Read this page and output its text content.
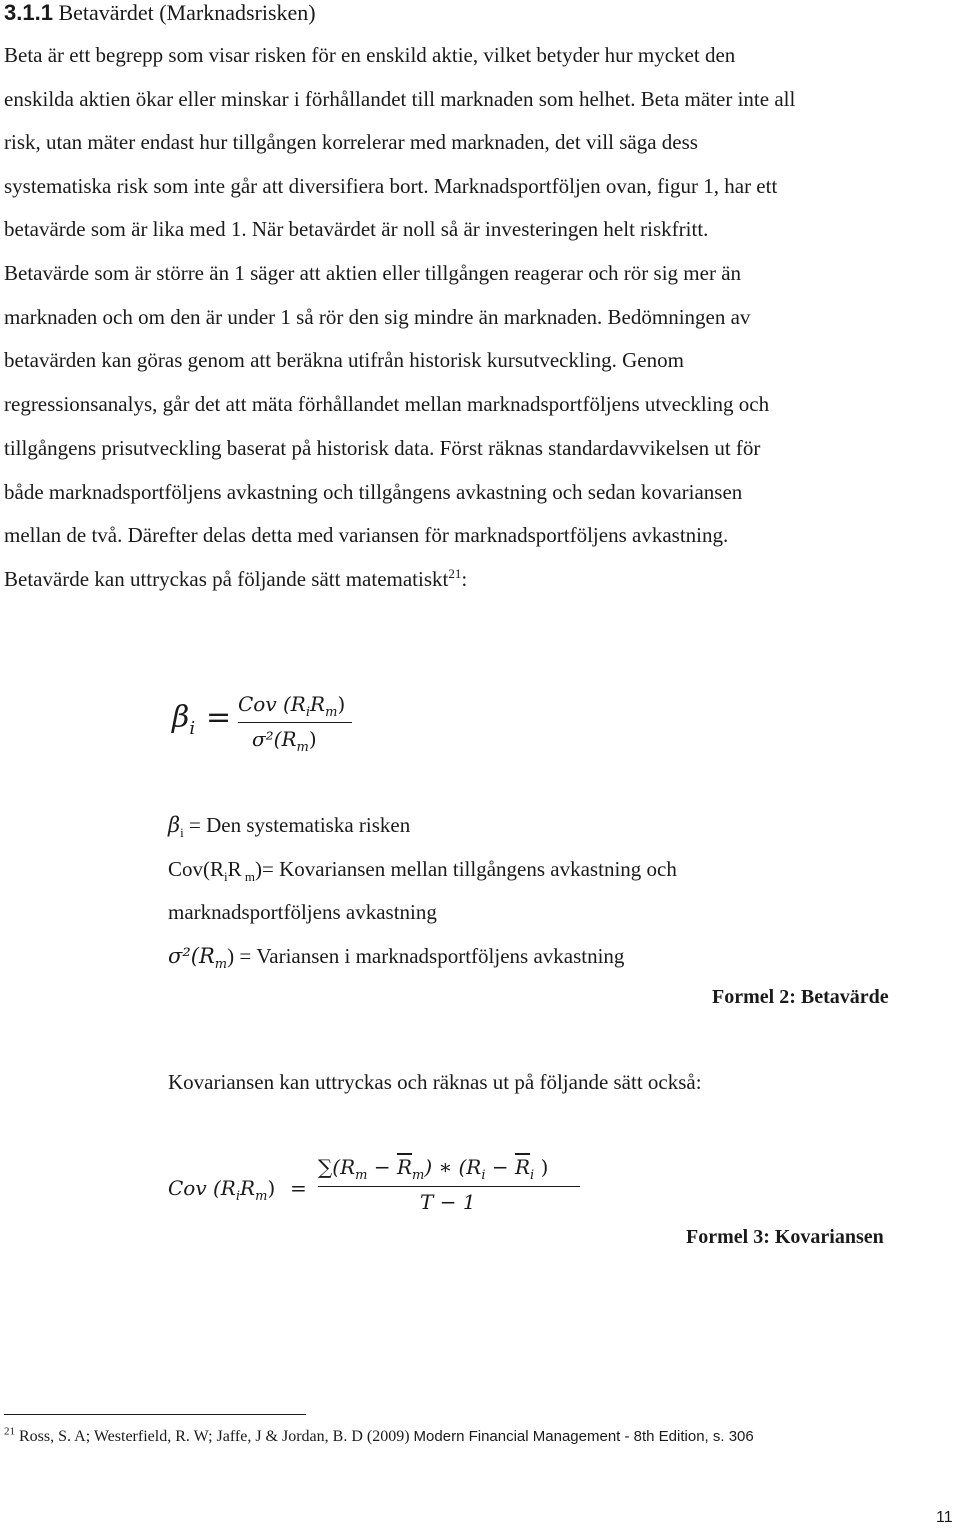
3.1.1 Betavärdet (Marknadsrisken)
Beta är ett begrepp som visar risken för en enskild aktie, vilket betyder hur mycket den
enskilda aktien ökar eller minskar i förhållandet till marknaden som helhet. Beta mäter inte all
risk, utan mäter endast hur tillgången korrelerar med marknaden, det vill säga dess
systematiska risk som inte går att diversifiera bort. Marknadsportföljen ovan, figur 1, har ett
betavärde som är lika med 1. När betavärdet är noll så är investeringen helt riskfritt.
Betavärde som är större än 1 säger att aktien eller tillgången reagerar och rör sig mer än
marknaden och om den är under 1 så rör den sig mindre än marknaden. Bedömningen av
betavärden kan göras genom att beräkna utifrån historisk kursutveckling. Genom
regressionsanalys, går det att mäta förhållandet mellan marknadsportföljens utveckling och
tillgångens prisutveckling baserat på historisk data. Först räknas standardavvikelsen ut för
både marknadsportföljens avkastning och tillgångens avkastning och sedan kovariansen
mellan de två. Därefter delas detta med variansen för marknadsportföljens avkastning.
Betavärde kan uttryckas på följande sätt matematiskt$^{21}$:
$\beta_i$ = Cov $(R_iR_m)$
$\sigma^2(R_m)$
$\beta_i$ = Den systematiska risken
$Cov(R_iR$ $_m$)= Kovariansen mellan tillgångens avkastning och
marknadsportföljens avkastning
$\sigma^2(R_m)$ = Variansen i marknadsportföljens avkastning
Formel 2: Betavärde
Kovariansen kan uttryckas och räknas ut på följande sätt också:
Cov $(R_iR_m)$ =
$\sum(R_m - \overline{R}_m)$ ∗ ($R_i - \overline{R}_i$ )
T − 1
Formel 3: Kovariansen
$^{21}$ Ross, S. A; Westerfield, R. W; Jaffe, J & Jordan, B. D (2009) Modern Financial Management - 8th Edition, s. 306
11
